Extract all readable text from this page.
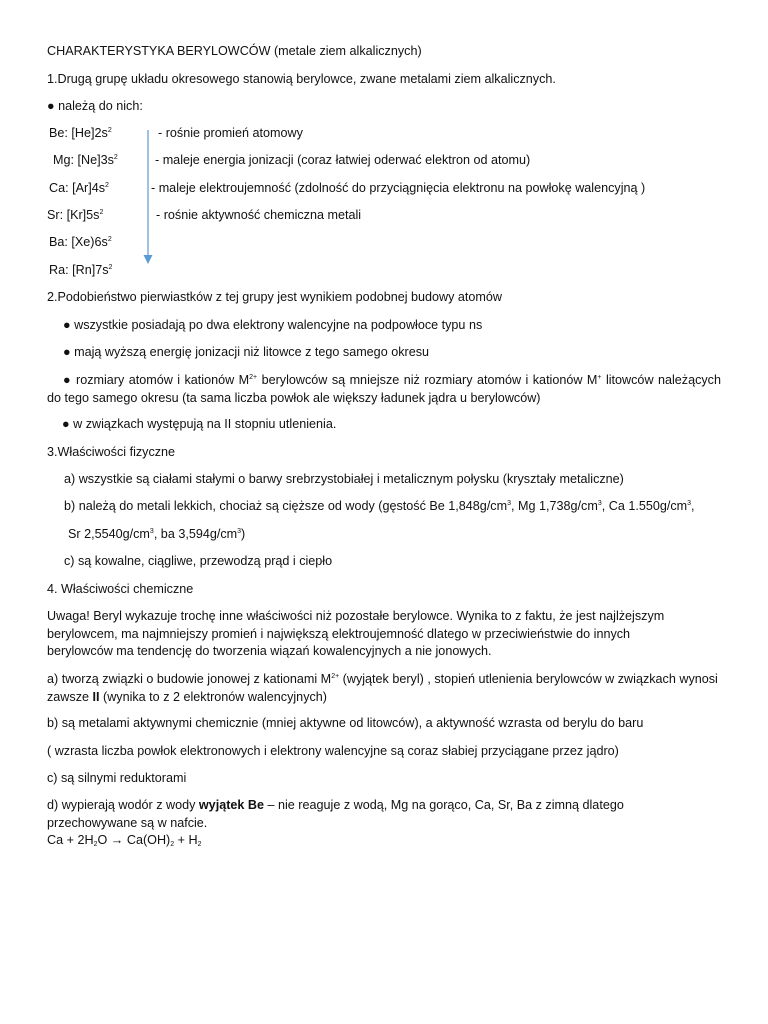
CHARAKTERYSTYKA BERYLOWCÓW (metale ziem alkalicznych)
1.Drugą grupę układu okresowego stanowią berylowce, zwane metalami ziem alkalicznych.
● należą do nich:
Be: $[He]2s^2$
Mg: $[Ne]3s^2$
Ca: $[Ar]4s^2$
Sr: $[Kr]5s^2$
Ba: $[Xe)6s^2$
Ra: $[Rn]7s^2$
- rośnie promień atomowy
- maleje energia jonizacji (coraz łatwiej oderwać elektron od atomu)
- maleje elektroujemność (zdolność do przyciągnięcia elektronu na powłokę walencyjną )
- rośnie aktywność chemiczna metali
2.Podobieństwo pierwiastków z tej grupy jest wynikiem podobnej budowy atomów
● wszystkie posiadają po dwa elektrony walencyjne na podpowłoce typu ns
● mają wyższą energię jonizacji niż litowce z tego samego okresu
● rozmiary atomów i kationów $M^{2+}$ berylowców są mniejsze niż rozmiary atomów i kationów M+ litowców należących do tego samego okresu (ta sama liczba powłok ale większy ładunek jądra u berylowców)
● w związkach występują na II stopniu utlenienia.
3.Właściwości fizyczne
a) wszystkie są ciałami stałymi o barwy srebrzystobiałej i metalicznym połysku (kryształy metaliczne)
b) należą do metali lekkich, chociaż są cięższe od wody (gęstość Be $1,848g/cm^3$, Mg $1,738g/cm^3$, Ca $1.550g/cm^3$,
Sr $2,5540g/cm^3$, ba $3,594g/cm^3$)
c) są kowalne, ciągliwe, przewodzą prąd i ciepło
4. Właściwości chemiczne
Uwaga! Beryl wykazuje trochę inne właściwości niż pozostałe berylowce. Wynika to z faktu, że jest najlżejszym berylowcem, ma najmniejszy promień i największą elektroujemność dlatego w przeciwieństwie do innych berylowców ma tendencję do tworzenia wiązań kowalencyjnych a nie jonowych.
a) tworzą związki o budowie jonowej z kationami $M^{2+}$ (wyjątek beryl) , stopień utlenienia berylowców w związkach wynosi zawsze II (wynika to z 2 elektronów walencyjnych)
b) są metalami aktywnymi chemicznie (mniej aktywne od litowców), a aktywność wzrasta od berylu do baru
( wzrasta liczba powłok elektronowych i elektrony walencyjne są coraz słabiej przyciągane przez jądro)
c) są silnymi reduktorami
d) wypierają wodór z wody wyjątek Be – nie reaguje z wodą, Mg na gorąco, Ca, Sr, Ba z zimną dlatego przechowywane są w nafcie.
$Ca + 2H_2O \to Ca(OH)_2 + H_2$
